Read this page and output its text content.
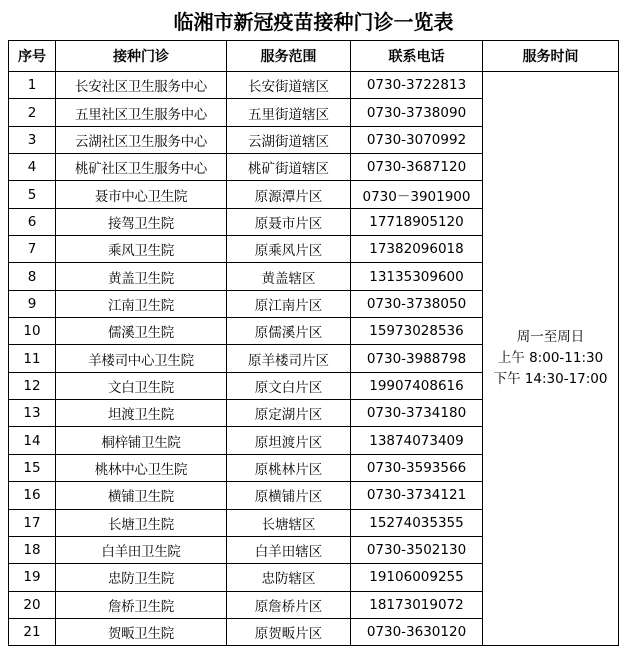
临湘市新冠疫苗接种门诊一览表
序号	接种门诊	服务范围	联系电话	服务时间
1	长安社区卫生服务中心	长安街道辖区	0730-3722813	周一至周日
上午 8:00-11:30
下午 14:30-17:00

2	五里社区卫生服务中心	五里街道辖区	0730-3738090	
3	云湖社区卫生服务中心	云湖街道辖区	0730-3070992	
4	桃矿社区卫生服务中心	桃矿街道辖区	0730-3687120	
5	聂市中心卫生院	原源潭片区	0730－3901900	
6	接驾卫生院	原聂市片区	17718905120	
7	乘风卫生院	原乘风片区	17382096018	
8	黄盖卫生院	黄盖辖区	13135309600	
9	江南卫生院	原江南片区	0730-3738050	
10	儒溪卫生院	原儒溪片区	15973028536	
11	羊楼司中心卫生院	原羊楼司片区	0730-3988798	
12	文白卫生院	原文白片区	19907408616	
13	坦渡卫生院	原定湖片区	0730-3734180	
14	桐梓铺卫生院	原坦渡片区	13874073409	
15	桃林中心卫生院	原桃林片区	0730-3593566	
16	横铺卫生院	原横铺片区	0730-3734121	
17	长塘卫生院	长塘辖区	15274035355	
18	白羊田卫生院	白羊田辖区	0730-3502130	
19	忠防卫生院	忠防辖区	19106009255	
20	詹桥卫生院	原詹桥片区	18173019072	
21	贺畈卫生院	原贺畈片区	0730-3630120	
